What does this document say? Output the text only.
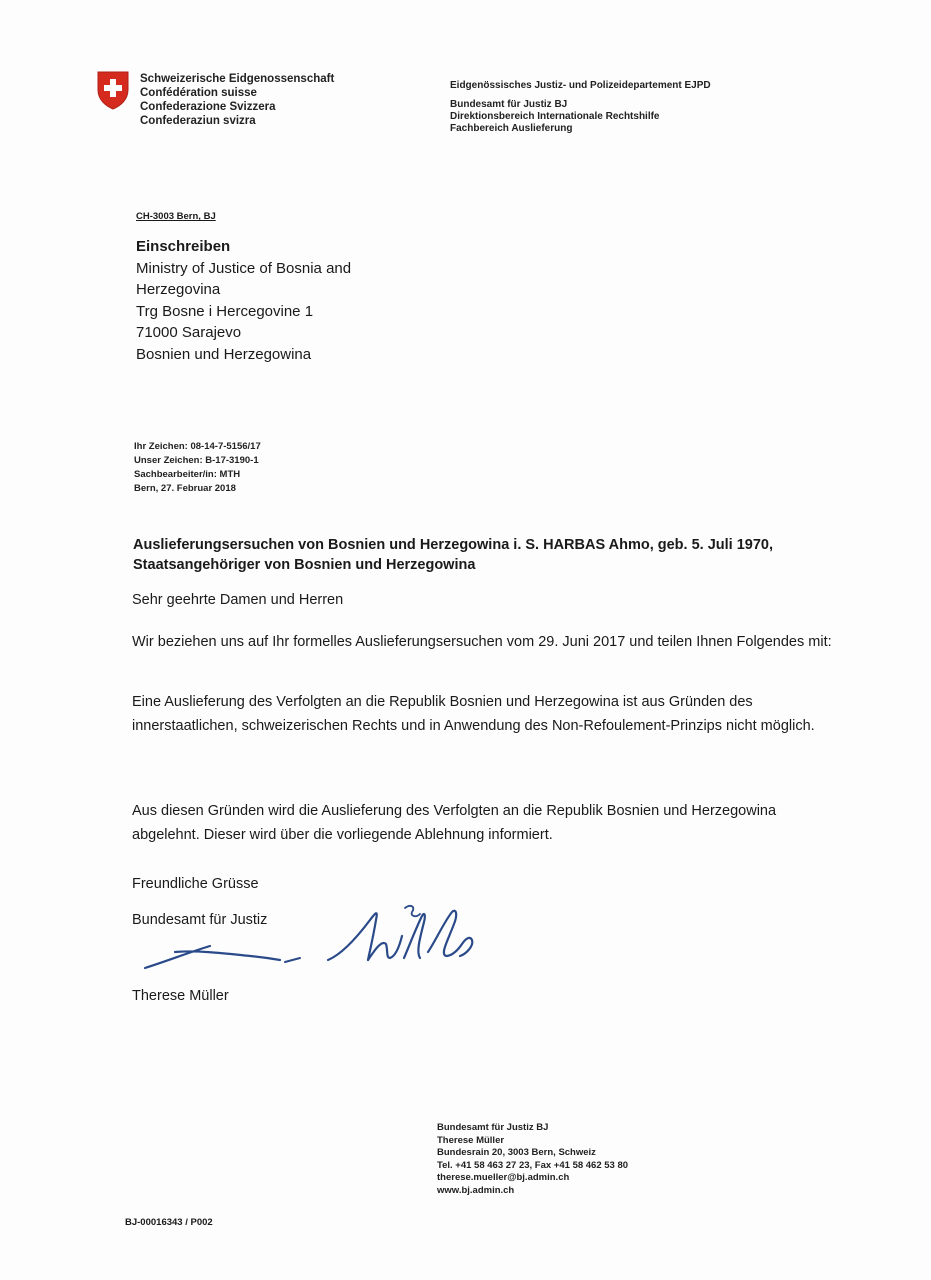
Schweizerische Eidgenossenschaft
Confédération suisse
Confederazione Svizzera
Confederaziun svizra
Eidgenössisches Justiz- und Polizeidepartement EJPD
Bundesamt für Justiz BJ
Direktionsbereich Internationale Rechtshilfe
Fachbereich Auslieferung
CH-3003 Bern, BJ
Einschreiben
Ministry of Justice of Bosnia and
Herzegovina
Trg Bosne i Hercegovine 1
71000 Sarajevo
Bosnien und Herzegowina
Ihr Zeichen: 08-14-7-5156/17
Unser Zeichen: B-17-3190-1
Sachbearbeiter/in: MTH
Bern, 27. Februar 2018
Auslieferungsersuchen von Bosnien und Herzegowina i. S. HARBAS Ahmo, geb. 5. Juli 1970, Staatsangehöriger von Bosnien und Herzegowina
Sehr geehrte Damen und Herren
Wir beziehen uns auf Ihr formelles Auslieferungsersuchen vom 29. Juni 2017 und teilen Ihnen Folgendes mit:
Eine Auslieferung des Verfolgten an die Republik Bosnien und Herzegowina ist aus Gründen des innerstaatlichen, schweizerischen Rechts und in Anwendung des Non-Refoulement-Prinzips nicht möglich.
Aus diesen Gründen wird die Auslieferung des Verfolgten an die Republik Bosnien und Herzegowina abgelehnt. Dieser wird über die vorliegende Ablehnung informiert.
Freundliche Grüsse
Bundesamt für Justiz
Therese Müller
Bundesamt für Justiz BJ
Therese Müller
Bundesrain 20, 3003 Bern, Schweiz
Tel. +41 58 463 27 23, Fax +41 58 462 53 80
therese.mueller@bj.admin.ch
www.bj.admin.ch
BJ-00016343 / P002
